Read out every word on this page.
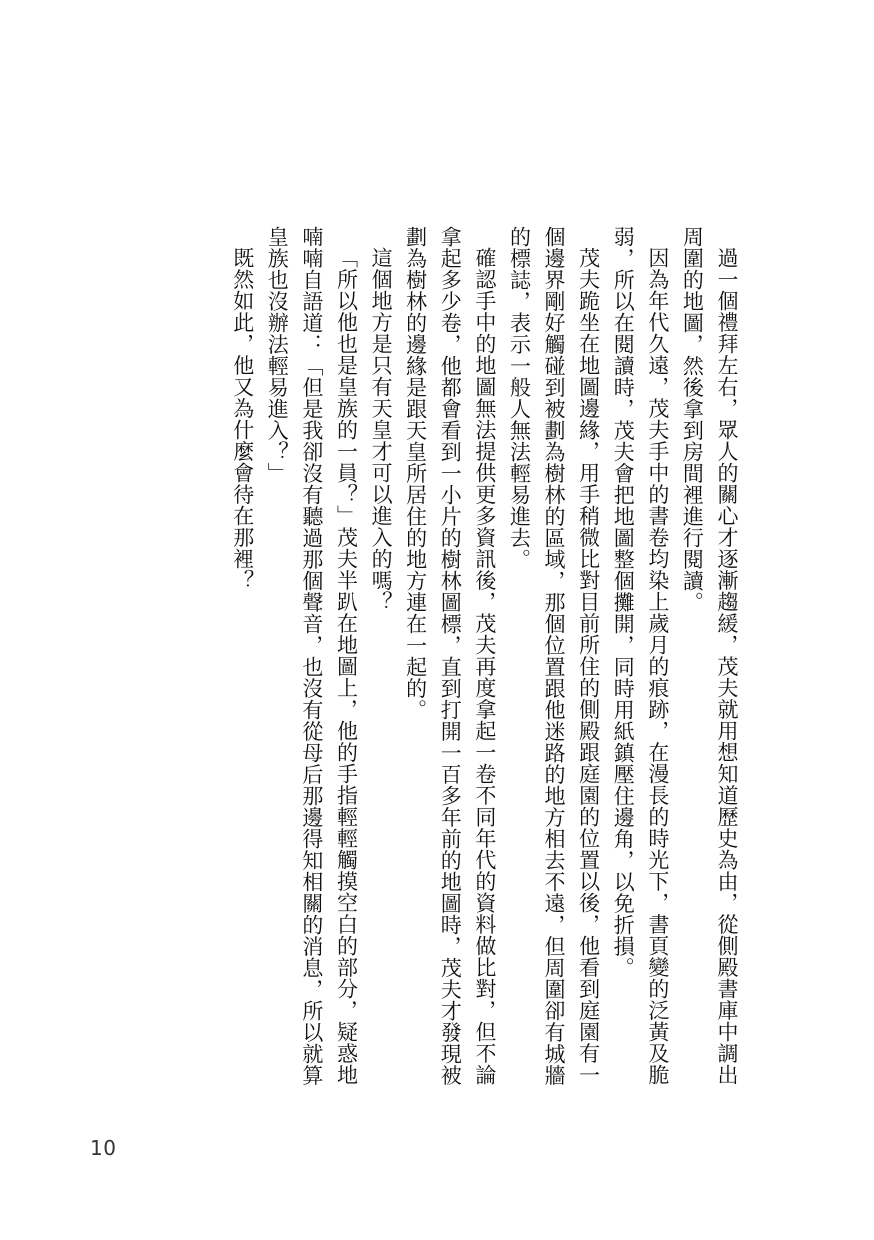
過一個禮拜左右，眾人的關心才逐漸趨緩，茂夫就用想知道歷史為由，從側殿書庫中調出周圍的地圖，然後拿到房間裡進行閱讀。

因為年代久遠，茂夫手中的書卷均染上歲月的痕跡，在漫長的時光下，書頁變的泛黃及脆弱，所以在閱讀時，茂夫會把地圖整個攤開，同時用紙鎮壓住邊角，以免折損。

茂夫跪坐在地圖邊緣，用手稍微比對目前所住的側殿跟庭園的位置以後，他看到庭園有一個邊界剛好觸碰到被劃為樹林的區域，那個位置跟他迷路的地方相去不遠，但周圍卻有城牆的標誌，表示一般人無法輕易進去。

確認手中的地圖無法提供更多資訊後，茂夫再度拿起一卷不同年代的資料做比對，但不論拿起多少卷，他都會看到一小片的樹林圖標，直到打開一百多年前的地圖時，茂夫才發現被劃為樹林的邊緣是跟天皇所居住的地方連在一起的。

這個地方是只有天皇才可以進入的嗎？

「所以他也是皇族的一員？」茂夫半趴在地圖上，他的手指輕輕觸摸空白的部分，疑惑地喃喃自語道：「但是我卻沒有聽過那個聲音，也沒有從母后那邊得知相關的消息，所以就算皇族也沒辦法輕易進入？」

既然如此，他又為什麼會待在那裡？

10
